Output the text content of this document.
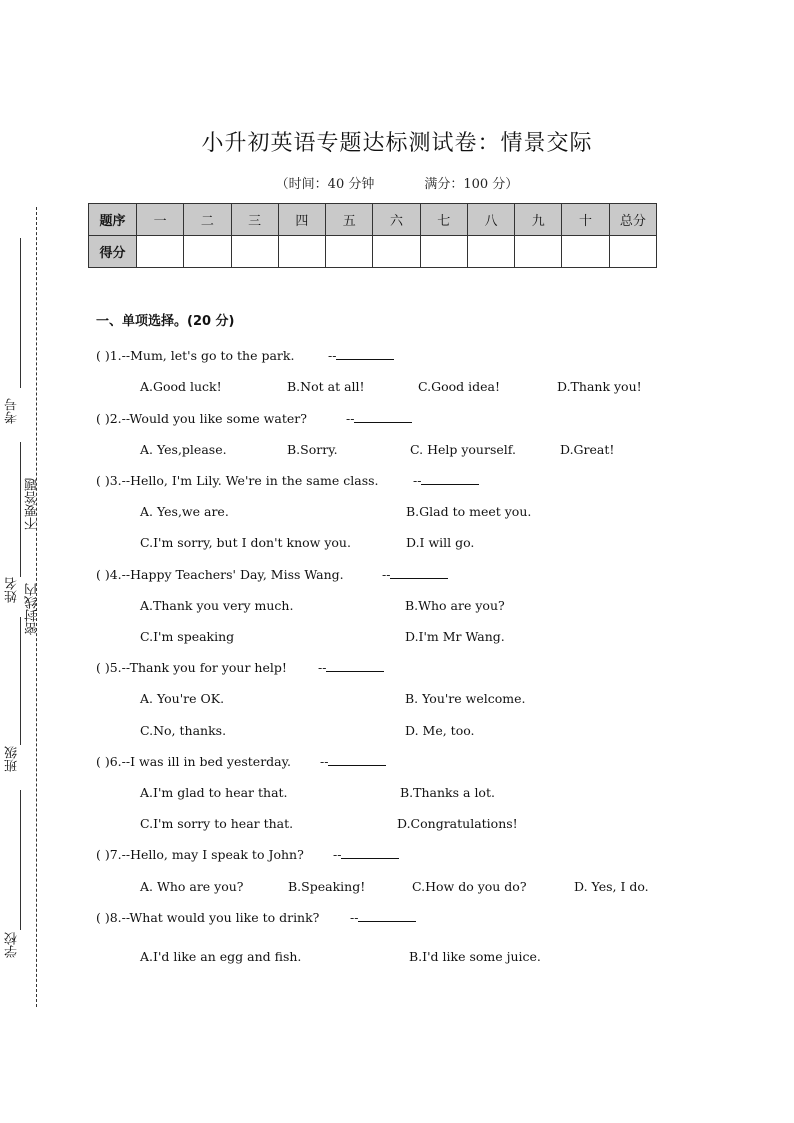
考号
不要答题
姓名 密封线内
班级
学校
小升初英语专题达标测试卷：情景交际
（时间：40 分钟	满分：100 分）
题序	一	二	三	四	五	六	七	八	九	十	总分
得分											
一、单项选择。(20 分)
( )1.--Mum, let's go to the park.	--
A.Good luck!	B.Not at all!	C.Good idea!	D.Thank you!
( )2.--Would you like some water?	--
A. Yes,please.	B.Sorry.	C. Help yourself.	D.Great!
( )3.--Hello, I'm Lily. We're in the same class.	--
A. Yes,we are.	B.Glad to meet you.
C.I'm sorry, but I don't know you.	D.I will go.
( )4.--Happy Teachers' Day, Miss Wang.	--
A.Thank you very much.	B.Who are you?
C.I'm speaking	D.I'm Mr Wang.
( )5.--Thank you for your help! --
A. You're OK.	B. You're welcome.
C.No, thanks.	D. Me, too.
( )6.--I was ill in bed yesterday. --
A.I'm glad to hear that.	B.Thanks a lot.
C.I'm sorry to hear that.	D.Congratulations!
( )7.--Hello, may I speak to John? --
A. Who are you?	B.Speaking!	C.How do you do?	D. Yes, I do.
( )8.--What would you like to drink? --
A.I'd like an egg and fish.	B.I'd like some juice.
